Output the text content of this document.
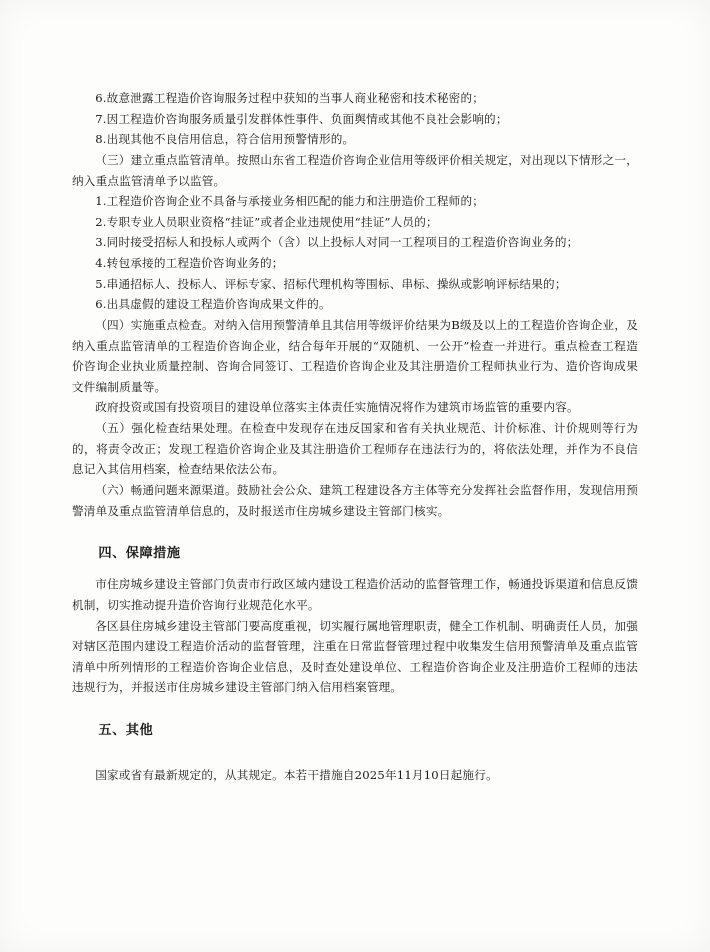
6.故意泄露工程造价咨询服务过程中获知的当事人商业秘密和技术秘密的；

7.因工程造价咨询服务质量引发群体性事件、负面舆情或其他不良社会影响的；

8.出现其他不良信用信息，符合信用预警情形的。

（三）建立重点监管清单。按照山东省工程造价咨询企业信用等级评价相关规定，对出现以下情形之一，纳入重点监管清单予以监管。

1.工程造价咨询企业不具备与承接业务相匹配的能力和注册造价工程师的；

2.专职专业人员职业资格“挂证”或者企业违规使用“挂证”人员的；

3.同时接受招标人和投标人或两个（含）以上投标人对同一工程项目的工程造价咨询业务的；

4.转包承接的工程造价咨询业务的；

5.串通招标人、投标人、评标专家、招标代理机构等围标、串标、操纵或影响评标结果的；

6.出具虚假的建设工程造价咨询成果文件的。

（四）实施重点检查。对纳入信用预警清单且其信用等级评价结果为B级及以上的工程造价咨询企业，及纳入重点监管清单的工程造价咨询企业，结合每年开展的“双随机、一公开”检查一并进行。重点检查工程造价咨询企业执业质量控制、咨询合同签订、工程造价咨询企业及其注册造价工程师执业行为、造价咨询成果文件编制质量等。

政府投资或国有投资项目的建设单位落实主体责任实施情况将作为建筑市场监管的重要内容。

（五）强化检查结果处理。在检查中发现存在违反国家和省有关执业规范、计价标准、计价规则等行为的，将责令改正；发现工程造价咨询企业及其注册造价工程师存在违法行为的，将依法处理，并作为不良信息记入其信用档案，检查结果依法公布。

（六）畅通问题来源渠道。鼓励社会公众、建筑工程建设各方主体等充分发挥社会监督作用，发现信用预警清单及重点监管清单信息的，及时报送市住房城乡建设主管部门核实。

四、保障措施

市住房城乡建设主管部门负责市行政区域内建设工程造价活动的监督管理工作，畅通投诉渠道和信息反馈机制，切实推动提升造价咨询行业规范化水平。

各区县住房城乡建设主管部门要高度重视，切实履行属地管理职责，健全工作机制、明确责任人员，加强对辖区范围内建设工程造价活动的监督管理，注重在日常监督管理过程中收集发生信用预警清单及重点监管清单中所列情形的工程造价咨询企业信息，及时查处建设单位、工程造价咨询企业及注册造价工程师的违法违规行为，并报送市住房城乡建设主管部门纳入信用档案管理。

五、其他

国家或省有最新规定的，从其规定。本若干措施自2025年11月10日起施行。
